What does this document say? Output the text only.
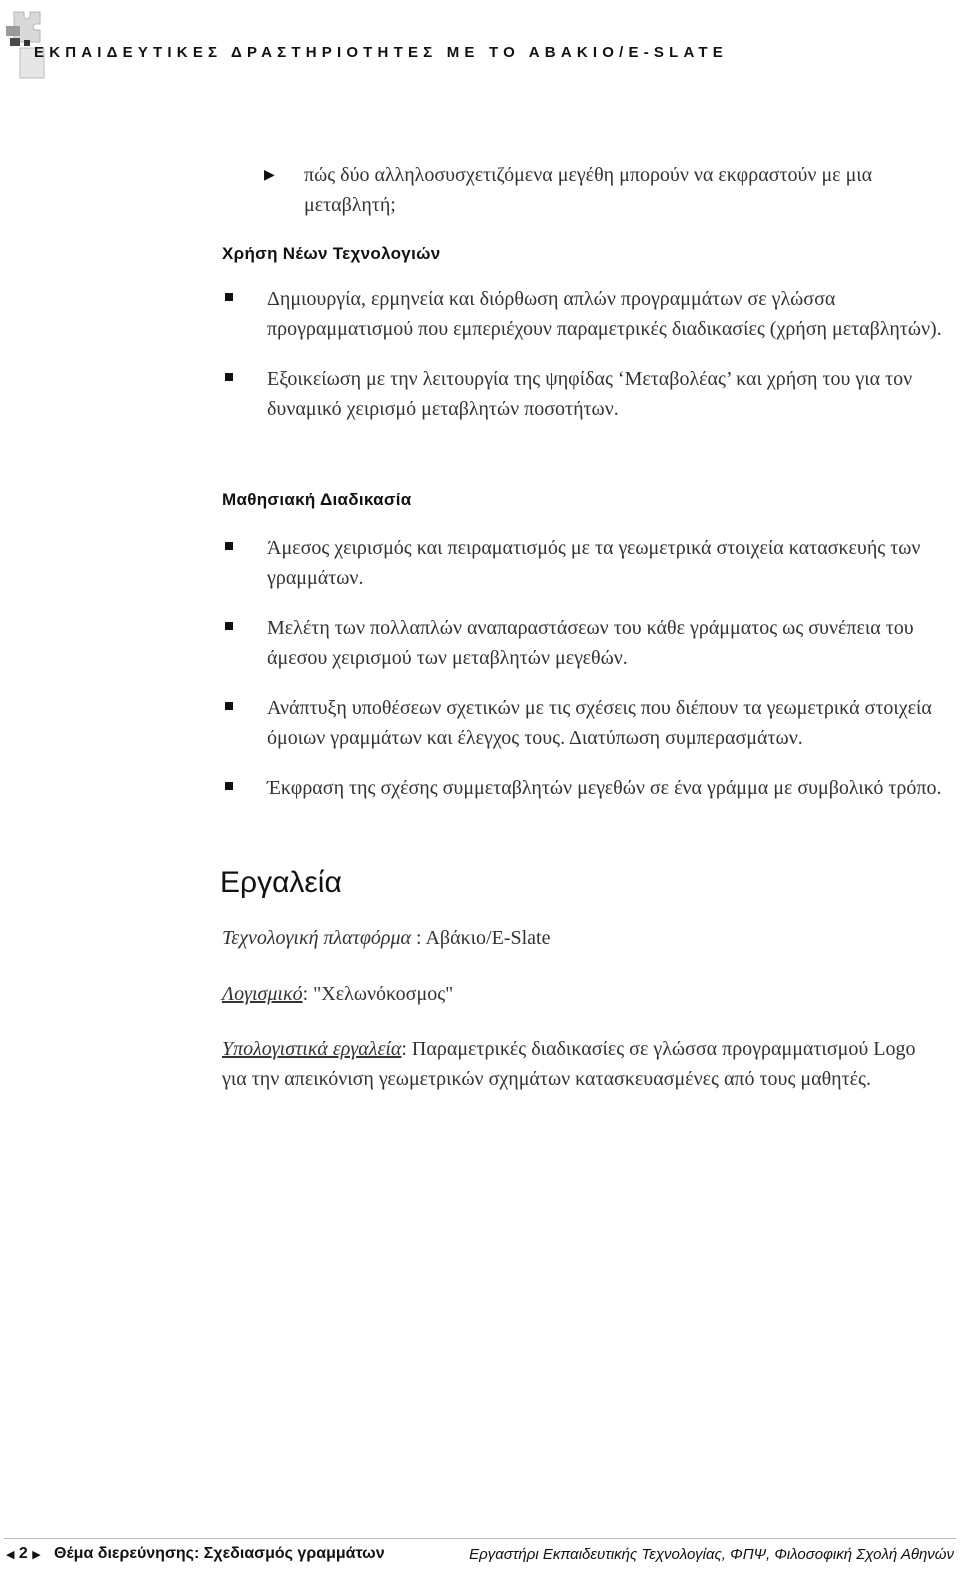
ΕΚΠΑΙΔΕΥΤΙΚΕΣ ΔΡΑΣΤΗΡΙΟΤΗΤΕΣ ΜΕ ΤΟ ΑΒΑΚΙΟ/E-SLATE
▶ πώς δύο αλληλοσυσχετιζόμενα μεγέθη μπορούν να εκφραστούν με μια μεταβλητή;
Χρήση Νέων Τεχνολογιών
Δημιουργία, ερμηνεία και διόρθωση απλών προγραμμάτων σε γλώσσα προγραμματισμού που εμπεριέχουν παραμετρικές διαδικασίες (χρήση μεταβλητών).
Εξοικείωση με την λειτουργία της ψηφίδας ‘Μεταβολέας’ και χρήση του για τον δυναμικό χειρισμό μεταβλητών ποσοτήτων.
Μαθησιακή Διαδικασία
Άμεσος χειρισμός και πειραματισμός με τα γεωμετρικά στοιχεία κατασκευής των γραμμάτων.
Μελέτη των πολλαπλών αναπαραστάσεων του κάθε γράμματος ως συνέπεια του άμεσου χειρισμού των μεταβλητών μεγεθών.
Ανάπτυξη υποθέσεων σχετικών με τις σχέσεις που διέπουν τα γεωμετρικά στοιχεία όμοιων γραμμάτων και έλεγχος τους. Διατύπωση συμπερασμάτων.
Έκφραση της σχέσης συμμεταβλητών μεγεθών σε ένα γράμμα με συμβολικό τρόπο.
Εργαλεία
Τεχνολογική πλατφόρμα : Αβάκιο/E-Slate
Λογισμικό: "Χελωνόκοσμος"
Υπολογιστικά εργαλεία: Παραμετρικές διαδικασίες σε γλώσσα προγραμματισμού Logo για την απεικόνιση γεωμετρικών σχημάτων κατασκευασμένες από τους μαθητές.
◀ 2 ▶ Θέμα διερεύνησης: Σχεδιασμός γραμμάτων	Εργαστήρι Εκπαιδευτικής Τεχνολογίας, ΦΠΨ, Φιλοσοφική Σχολή Αθηνών
